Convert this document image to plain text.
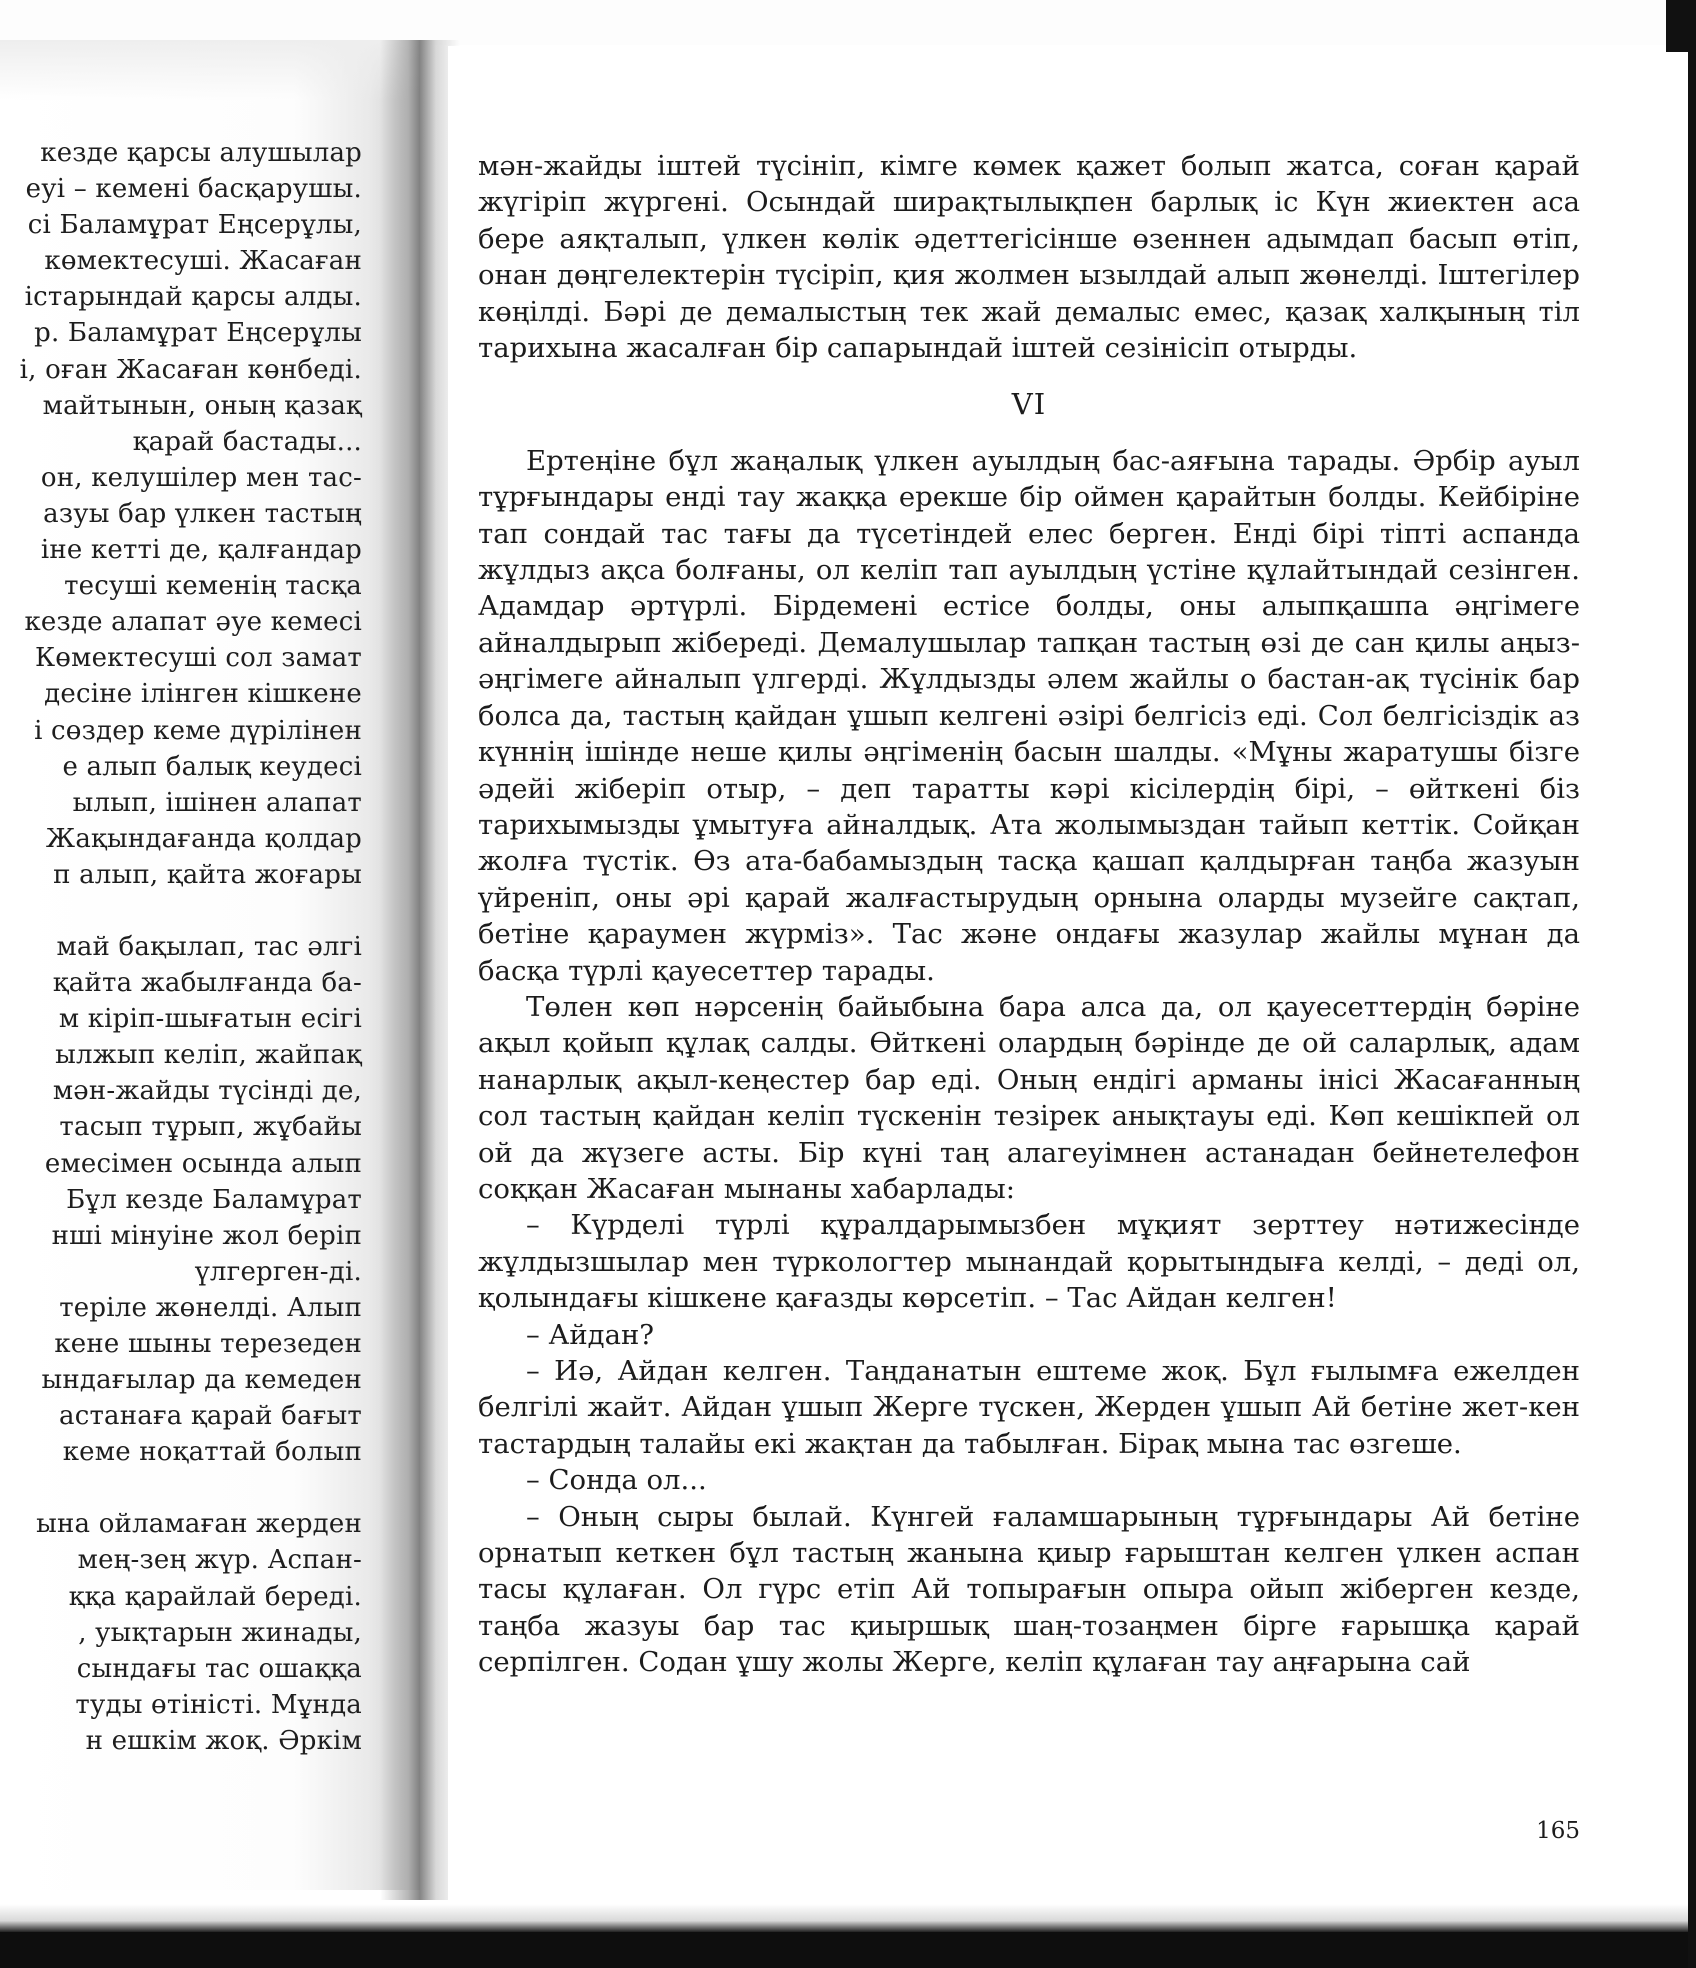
кезде қарсы алушылар
еуі – кемені басқарушы.
сі Баламұрат Еңсерұлы,
көмектесуші. Жасаған
істарындай қарсы алды.
р. Баламұрат Еңсерұлы
і, оған Жасаған көнбеді.
майтынын, оның қазақ
қарай бастады...
он, келушілер мен тас-
азуы бар үлкен тастың
іне кетті де, қалғандар
тесуші кеменің тасқа
кезде алапат әуе кемесі
Көмектесуші сол замат
десіне ілінген кішкене
і сөздер кеме дүрілінен
е алып балық кеудесі
ылып, ішінен алапат
Жақындағанда қолдар
п алып, қайта жоғары
май бақылап, тас әлгі
қайта жабылғанда ба-
м кіріп-шығатын есігі
ылжып келіп, жайпақ
мән-жайды түсінді де,
тасып тұрып, жұбайы
емесімен осында алып
Бұл кезде Баламұрат
нші мінуіне жол беріп
үлгерген-ді.
теріле жөнелді. Алып
кене шыны терезеден
ындағылар да кемеден
астанаға қарай бағыт
кеме ноқаттай болып
ына ойламаған жерден
мең-зең жүр. Аспан-
ққа қарайлай береді.
, уықтарын жинады,
сындағы тас ошаққа
туды өтіністі. Мұнда
н ешкім жоқ. Әркім

мән-жайды іштей түсініп, кімге көмек қажет болып жатса, соған қарай жүгіріп жүргені. Осындай ширақтылықпен барлық іс Күн жиектен аса бере аяқталып, үлкен көлік әдеттегісінше өзеннен адымдап басып өтіп, онан дөңгелектерін түсіріп, қия жолмен ызылдай алып жөнелді. Іштегілер көңілді. Бәрі де демалыстың тек жай демалыс емес, қазақ халқының тіл тарихына жасалған бір сапарындай іштей сезінісіп отырды.

VI

Ертеңіне бұл жаңалық үлкен ауылдың бас-аяғына тарады. Әрбір ауыл тұрғындары енді тау жаққа ерекше бір оймен қарайтын болды. Кейбіріне тап сондай тас тағы да түсетіндей елес берген. Енді бірі тіпті аспанда жұлдыз ақса болғаны, ол келіп тап ауылдың үстіне құлайтындай сезінген. Адамдар әртүрлі. Бірдемені естісе болды, оны алыпқашпа әңгімеге айналдырып жібереді. Демалушылар тапқан тастың өзі де сан қилы аңыз-әңгімеге айналып үлгерді. Жұлдызды әлем жайлы о бастан-ақ түсінік бар болса да, тастың қайдан ұшып келгені әзірі белгісіз еді. Сол белгісіздік аз күннің ішінде неше қилы әңгіменің басын шалды. «Мұны жаратушы бізге әдейі жіберіп отыр, – деп таратты кәрі кісілердің бірі, – өйткені біз тарихымызды ұмытуға айналдық. Ата жолымыздан тайып кеттік. Сойқан жолға түстік. Өз ата-бабамыздың тасқа қашап қалдырған таңба жазуын үйреніп, оны әрі қарай жалғастырудың орнына оларды музейге сақтап, бетіне қараумен жүрміз». Тас және ондағы жазулар жайлы мұнан да басқа түрлі қауесеттер тарады.

Төлен көп нәрсенің байыбына бара алса да, ол қауесеттердің бәріне ақыл қойып құлақ салды. Өйткені олардың бәрінде де ой саларлық, адам нанарлық ақыл-кеңестер бар еді. Оның ендігі арманы інісі Жасағанның сол тастың қайдан келіп түскенін тезірек анықтауы еді. Көп кешікпей ол ой да жүзеге асты. Бір күні таң алагеуімнен астанадан бейнетелефон соққан Жасаған мынаны хабарлады:

– Күрделі түрлі құралдарымызбен мұқият зерттеу нәтижесінде жұлдызшылар мен түркологтер мынандай қорытындыға келді, – деді ол, қолындағы кішкене қағазды көрсетіп. – Тас Айдан келген!

– Айдан?

– Иә, Айдан келген. Таңданатын ештеме жоқ. Бұл ғылымға ежелден белгілі жайт. Айдан ұшып Жерге түскен, Жерден ұшып Ай бетіне жет-кен тастардың талайы екі жақтан да табылған. Бірақ мына тас өзгеше.

– Сонда ол...

– Оның сыры былай. Күнгей ғаламшарының тұрғындары Ай бетіне орнатып кеткен бұл тастың жанына қиыр ғарыштан келген үлкен аспан тасы құлаған. Ол гүрс етіп Ай топырағын опыра ойып жіберген кезде, таңба жазуы бар тас қиыршық шаң-тозаңмен бірге ғарышқа қарай серпілген. Содан ұшу жолы Жерге, келіп құлаған тау аңғарына сай

165
